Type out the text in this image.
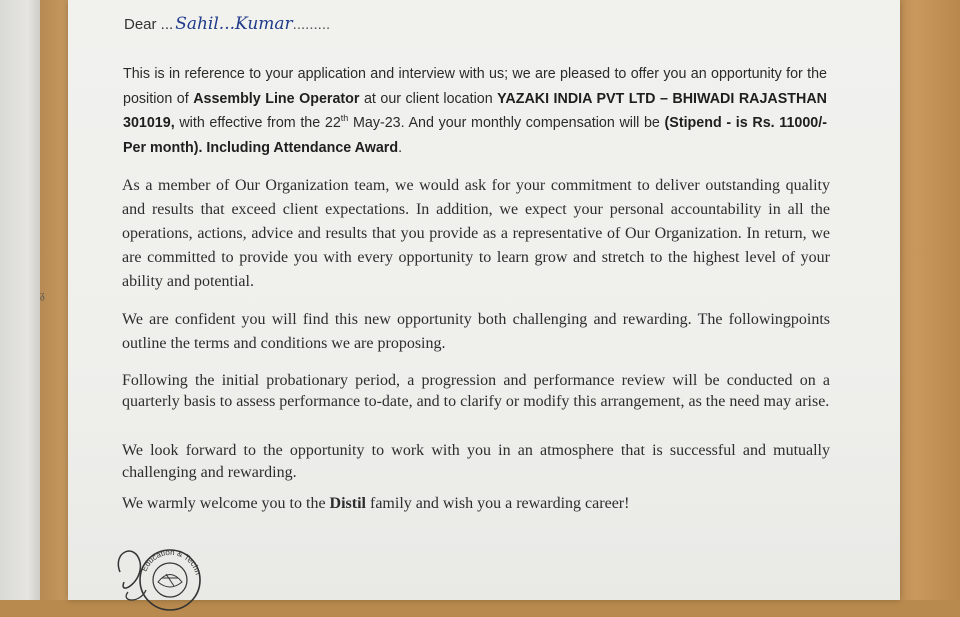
Dear ... Sahil...Kumar.........
This is in reference to your application and interview with us; we are pleased to offer you an opportunity for the position of Assembly Line Operator at our client location YAZAKI INDIA PVT LTD – BHIWADI RAJASTHAN 301019, with effective from the 22th May-23. And your monthly compensation will be (Stipend - is Rs. 11000/- Per month). Including Attendance Award.
As a member of Our Organization team, we would ask for your commitment to deliver outstanding quality and results that exceed client expectations. In addition, we expect your personal accountability in all the operations, actions, advice and results that you provide as a representative of Our Organization. In return, we are committed to provide you with every opportunity to learn grow and stretch to the highest level of your ability and potential.
We are confident you will find this new opportunity both challenging and rewarding. The followingpoints outline the terms and conditions we are proposing.
Following the initial probationary period, a progression and performance review will be conducted on a quarterly basis to assess performance to-date, and to clarify or modify this arrangement, as the need may arise.
We look forward to the opportunity to work with you in an atmosphere that is successful and mutually challenging and rewarding.
We warmly welcome you to the Distil family and wish you a rewarding career!
Education & Techn
ᵹ
